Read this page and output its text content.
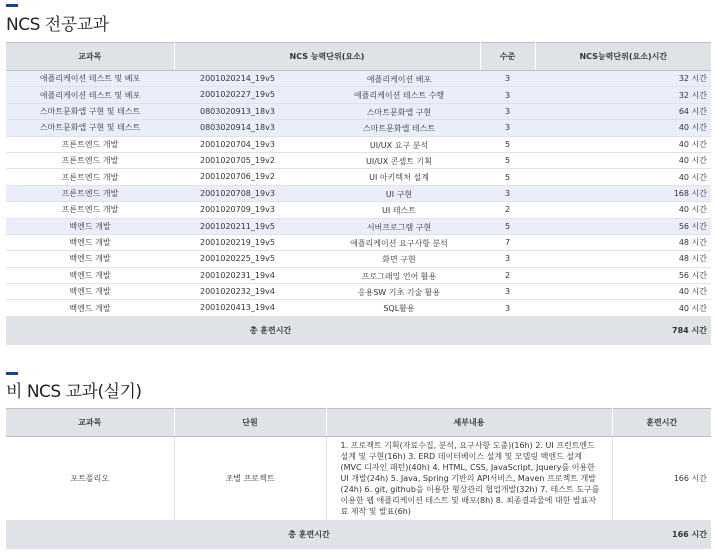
NCS 전공교과
교과목	NCS 능력단위(요소)	수준	NCS능력단위(요소)시간
애플리케이션 테스트 및 배포	2001020214_19v5 애플리케이션 배포	3	32 시간
애플리케이션 테스트 및 배포	2001020227_19v5 애플리케이션 테스트 수행	3	32 시간
스마트문화앱 구현 및 테스트	0803020913_18v3 스마트문화앱 구현	3	64 시간
스마트문화앱 구현 및 테스트	0803020914_18v3 스마트문화앱 테스트	3	40 시간
프론트엔드 개발	2001020704_19v3 UI/UX 요구 분석	5	40 시간
프론트엔드 개발	2001020705_19v2 UI/UX 콘셉트 기획	5	40 시간
프론트엔드 개발	2001020706_19v2 UI 아키텍처 설계	5	40 시간
프론트엔드 개발	2001020708_19v3 UI 구현	3	168 시간
프론트엔드 개발	2001020709_19v3 UI 테스트	2	40 시간
백엔드 개발	2001020211_19v5 서버프로그램 구현	5	56 시간
백엔드 개발	2001020219_19v5 애플리케이션 요구사항 분석	7	48 시간
백엔드 개발	2001020225_19v5 화면 구현	3	48 시간
백엔드 개발	2001020231_19v4 프로그래밍 언어 활용	2	56 시간
백엔드 개발	2001020232_19v4 응용SW 기초 기술 활용	3	40 시간
백엔드 개발	2001020413_19v4 SQL활용	3	40 시간
총 훈련시간			784 시간
비 NCS 교과(실기)
교과목	단원	세부내용	훈련시간
포트폴리오	조별 프로젝트	1. 프로젝트 기획(자료수집, 분석, 요구사항 도출)(16h) 2. UI 프런트엔드 설계 및 구현(16h) 3. ERD 데이터베이스 설계 및 모델링 백엔드 설계(MVC 디자인 패턴)(40h) 4. HTML, CSS, JavaScript, Jquery를 이용한 UI 개발(24h) 5. Java, Spring 기반의 API서비스, Maven 프로젝트 개발(24h) 6. git, github을 이용한 형상관리 협업개발(32h) 7. 테스트 도구를 이용한 웹 애플리케이션 테스트 및 배포(8h) 8. 최종결과물에 대한 발표자료 제작 및 발표(6h)	166 시간
총 훈련시간			166 시간
